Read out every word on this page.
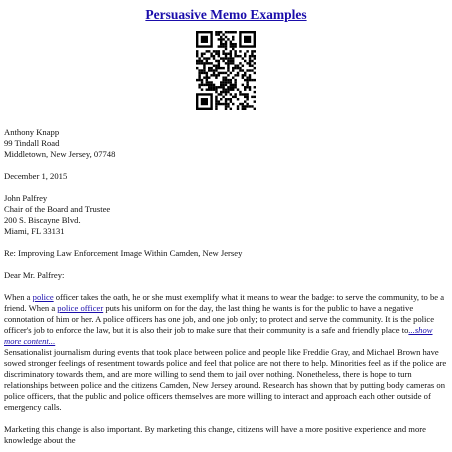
Persuasive Memo Examples
Anthony Knapp
99 Tindall Road
Middletown, New Jersey, 07748
December 1, 2015
John Palfrey
Chair of the Board and Trustee
200 S. Biscayne Blvd.
Miami, FL 33131
Re: Improving Law Enforcement Image Within Camden, New Jersey
Dear Mr. Palfrey:

When a police officer takes the oath, he or she must exemplify what it means to wear the badge: to serve the community, to be a friend. When a police officer puts his uniform on for the day, the last thing he wants is for the public to have a negative connotation of him or her. A police officers has one job, and one job only; to protect and serve the community. It is the police officer's job to enforce the law, but it is also their job to make sure that their community is a safe and friendly place to...show more content...

Sensationalist journalism during events that took place between police and people like Freddie Gray, and Michael Brown have sowed stronger feelings of resentment towards police and feel that police are not there to help. Minorities feel as if the police are discriminatory towards them, and are more willing to send them to jail over nothing. Nonetheless, there is hope to turn relationships between police and the citizens Camden, New Jersey around. Research has shown that by putting body cameras on police officers, that the public and police officers themselves are more willing to interact and approach each other outside of emergency calls.

Marketing this change is also important. By marketing this change, citizens will have a more positive experience and more knowledge about the
